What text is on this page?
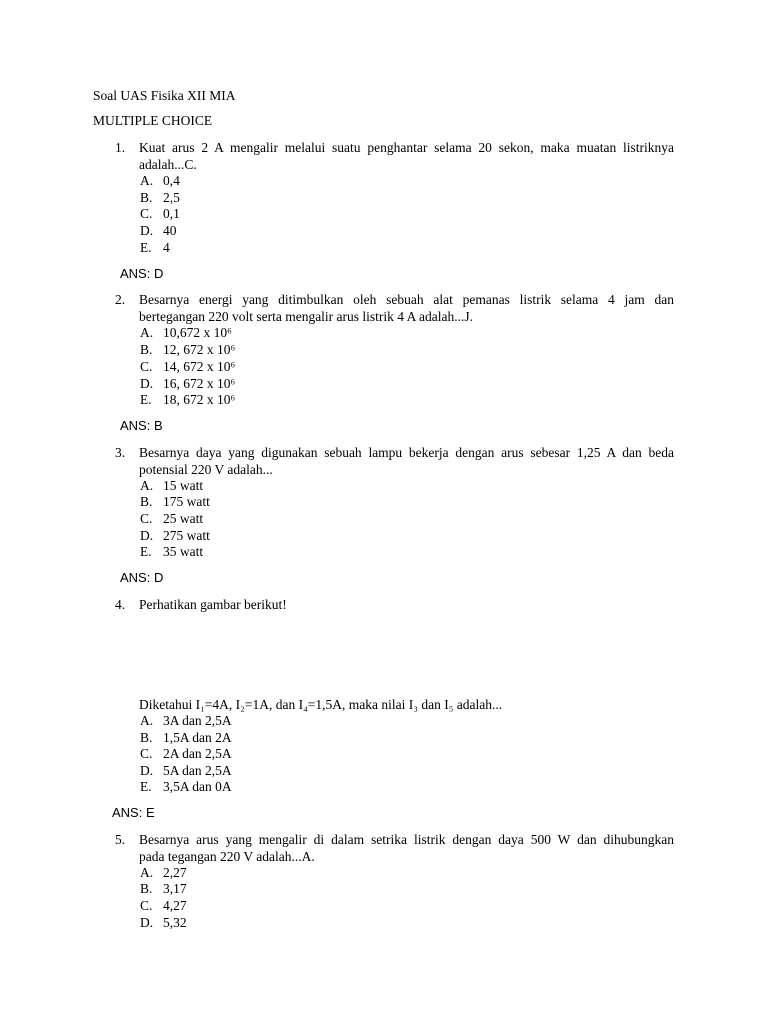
Soal UAS Fisika XII MIA
MULTIPLE CHOICE
1. Kuat arus 2 A mengalir melalui suatu penghantar selama 20 sekon, maka muatan listriknya
adalah...C.
A. 0,4
B. 2,5
C. 0,1
D. 40
E. 4
ANS: D
2. Besarnya energi yang ditimbulkan oleh sebuah alat pemanas listrik selama 4 jam dan
bertegangan 220 volt serta mengalir arus listrik 4 A adalah...J.
A. 10,672 x 10⁶
B. 12, 672 x 10⁶
C. 14, 672 x 10⁶
D. 16, 672 x 10⁶
E. 18, 672 x 10⁶
ANS: B
3. Besarnya daya yang digunakan sebuah lampu bekerja dengan arus sebesar 1,25 A dan beda
potensial 220 V adalah...
A. 15 watt
B. 175 watt
C. 25 watt
D. 275 watt
E. 35 watt
ANS: D
4. Perhatikan gambar berikut!
Diketahui I₁=4A, I₂=1A, dan I₄=1,5A, maka nilai I₃ dan I₅ adalah...
A. 3A dan 2,5A
B. 1,5A dan 2A
C. 2A dan 2,5A
D. 5A dan 2,5A
E. 3,5A dan 0A
ANS: E
5. Besarnya arus yang mengalir di dalam setrika listrik dengan daya 500 W dan dihubungkan
pada tegangan 220 V adalah...A.
A. 2,27
B. 3,17
C. 4,27
D. 5,32
